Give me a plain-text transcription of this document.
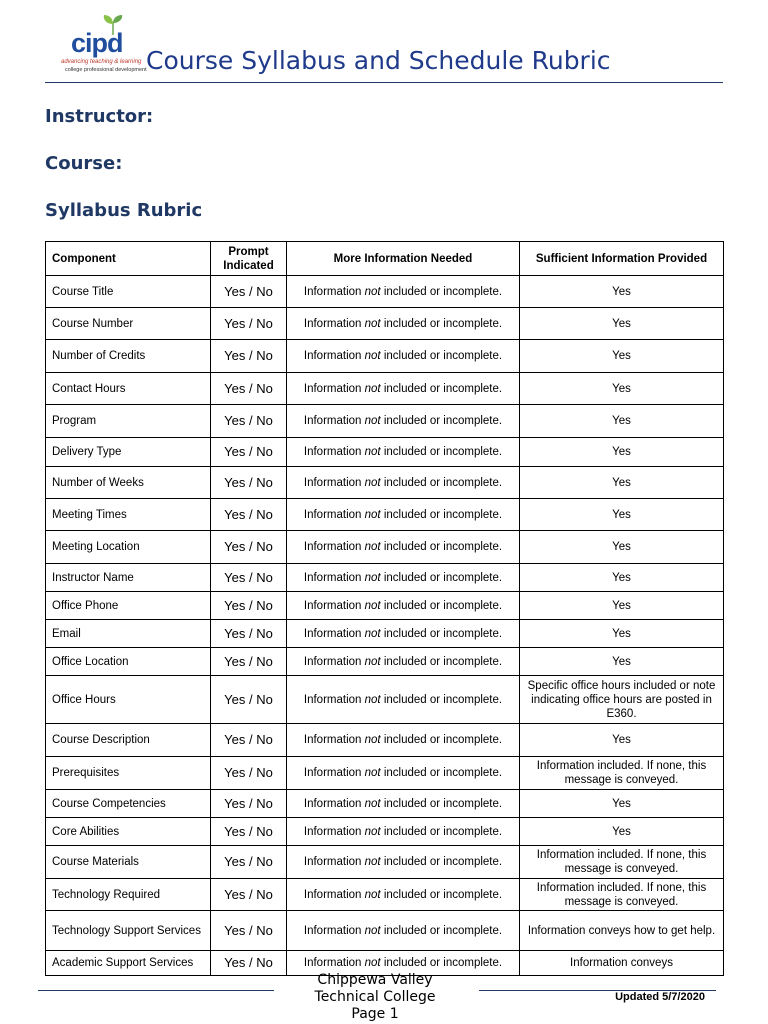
cipd
advancing teaching & learning
college professional development Course Syllabus and Schedule Rubric
Instructor:
Course:
Syllabus Rubric
Component	Prompt Indicated	More Information Needed	Sufficient Information Provided
Course Title	Yes / No	Information not included or incomplete.	Yes
Course Number	Yes / No	Information not included or incomplete.	Yes
Number of Credits	Yes / No	Information not included or incomplete.	Yes
Contact Hours	Yes / No	Information not included or incomplete.	Yes
Program	Yes / No	Information not included or incomplete.	Yes
Delivery Type	Yes / No	Information not included or incomplete.	Yes
Number of Weeks	Yes / No	Information not included or incomplete.	Yes
Meeting Times	Yes / No	Information not included or incomplete.	Yes
Meeting Location	Yes / No	Information not included or incomplete.	Yes
Instructor Name	Yes / No	Information not included or incomplete.	Yes
Office Phone	Yes / No	Information not included or incomplete.	Yes
Email	Yes / No	Information not included or incomplete.	Yes
Office Location	Yes / No	Information not included or incomplete.	Yes
Office Hours	Yes / No	Information not included or incomplete.	Specific office hours included or note indicating office hours are posted in E360.
Course Description	Yes / No	Information not included or incomplete.	Yes
Prerequisites	Yes / No	Information not included or incomplete.	Information included. If none, this message is conveyed.
Course Competencies	Yes / No	Information not included or incomplete.	Yes
Core Abilities	Yes / No	Information not included or incomplete.	Yes
Course Materials	Yes / No	Information not included or incomplete.	Information included. If none, this message is conveyed.
Technology Required	Yes / No	Information not included or incomplete.	Information included. If none, this message is conveyed.
Technology Support Services	Yes / No	Information not included or incomplete.	Information conveys how to get help.
Academic Support Services	Yes / No	Information not included or incomplete.	Information conveys
Chippewa Valley Technical College
Page 1
Updated 5/7/2020
